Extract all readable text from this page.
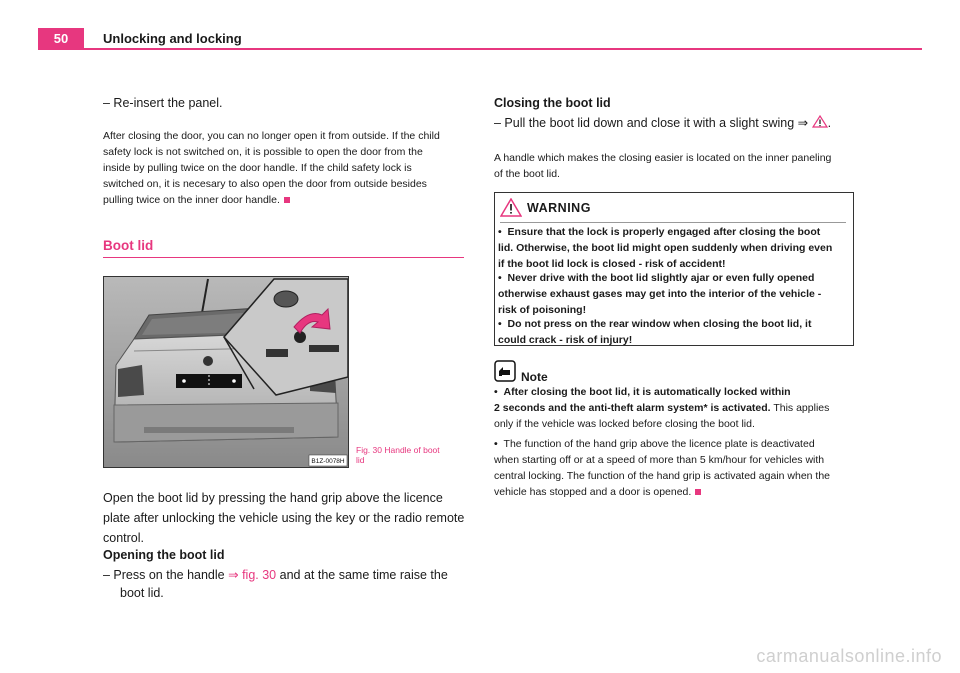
50	Unlocking and locking
– Re-insert the panel.
After closing the door, you can no longer open it from outside. If the child
safety lock is not switched on, it is possible to open the door from the
inside by pulling twice on the door handle. If the child safety lock is
switched on, it is necesary to also open the door from outside besides
pulling twice on the inner door handle.
Boot lid
B1Z-0078H
Fig. 30 Handle of boot
lid
Open the boot lid by pressing the hand grip above the licence
plate after unlocking the vehicle using the key or the radio remote
control.
Opening the boot lid
– Press on the handle ⇒ fig. 30 and at the same time raise the
boot lid.
Closing the boot lid
– Pull the boot lid down and close it with a slight swing ⇒ .
A handle which makes the closing easier is located on the inner paneling
of the boot lid.
WARNING
• Ensure that the lock is properly engaged after closing the boot
lid. Otherwise, the boot lid might open suddenly when driving even
if the boot lid lock is closed - risk of accident!
• Never drive with the boot lid slightly ajar or even fully opened
otherwise exhaust gases may get into the interior of the vehicle -
risk of poisoning!
• Do not press on the rear window when closing the boot lid, it
could crack - risk of injury!
Note
• After closing the boot lid, it is automatically locked within
2 seconds and the anti-theft alarm system* is activated. This applies
only if the vehicle was locked before closing the boot lid.
• The function of the hand grip above the licence plate is deactivated
when starting off or at a speed of more than 5 km/hour for vehicles with
central locking. The function of the hand grip is activated again when the
vehicle has stopped and a door is opened.
carmanualsonline.info
